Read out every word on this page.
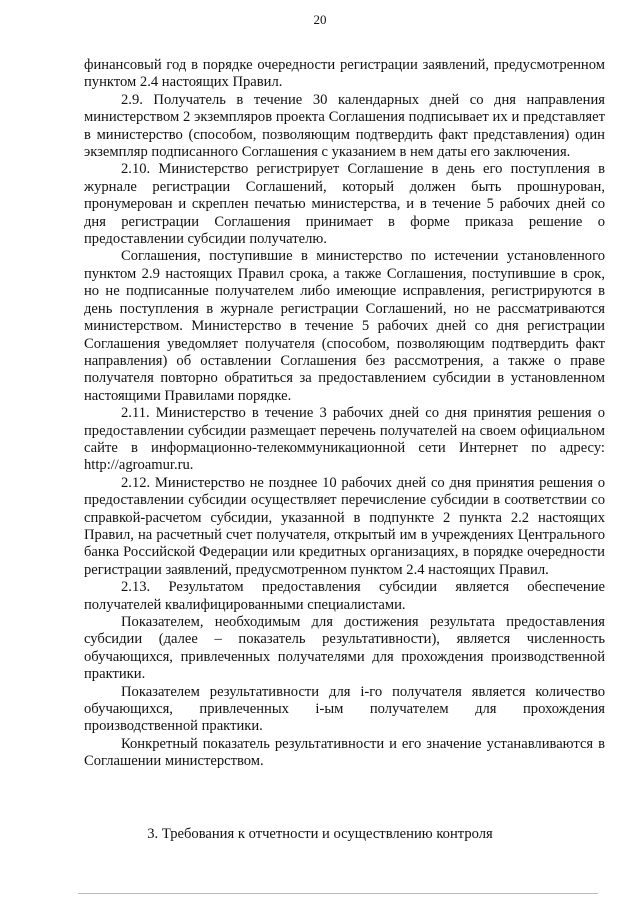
20

финансовый год в порядке очередности регистрации заявлений, предусмотренном пунктом 2.4 настоящих Правил.

2.9. Получатель в течение 30 календарных дней со дня направления министерством 2 экземпляров проекта Соглашения подписывает их и представляет в министерство (способом, позволяющим подтвердить факт представления) один экземпляр подписанного Соглашения с указанием в нем даты его заключения.

2.10. Министерство регистрирует Соглашение в день его поступления в журнале регистрации Соглашений, который должен быть прошнурован, пронумерован и скреплен печатью министерства, и в течение 5 рабочих дней со дня регистрации Соглашения принимает в форме приказа решение о предоставлении субсидии получателю.

Соглашения, поступившие в министерство по истечении установленного пунктом 2.9 настоящих Правил срока, а также Соглашения, поступившие в срок, но не подписанные получателем либо имеющие исправления, регистрируются в день поступления в журнале регистрации Соглашений, но не рассматриваются министерством. Министерство в течение 5 рабочих дней со дня регистрации Соглашения уведомляет получателя (способом, позволяющим подтвердить факт направления) об оставлении Соглашения без рассмотрения, а также о праве получателя повторно обратиться за предоставлением субсидии в установленном настоящими Правилами порядке.

2.11. Министерство в течение 3 рабочих дней со дня принятия решения о предоставлении субсидии размещает перечень получателей на своем официальном сайте в информационно-телекоммуникационной сети Интернет по адресу: http://agroamur.ru.

2.12. Министерство не позднее 10 рабочих дней со дня принятия решения о предоставлении субсидии осуществляет перечисление субсидии в соответствии со справкой-расчетом субсидии, указанной в подпункте 2 пункта 2.2 настоящих Правил, на расчетный счет получателя, открытый им в учреждениях Центрального банка Российской Федерации или кредитных организациях, в порядке очередности регистрации заявлений, предусмотренном пунктом 2.4 настоящих Правил.

2.13. Результатом предоставления субсидии является обеспечение получателей квалифицированными специалистами.

Показателем, необходимым для достижения результата предоставления субсидии (далее – показатель результативности), является численность обучающихся, привлеченных получателями для прохождения производственной практики.

Показателем результативности для i-го получателя является количество обучающихся, привлеченных i-ым получателем для прохождения производственной практики.

Конкретный показатель результативности и его значение устанавливаются в Соглашении министерством.

3. Требования к отчетности и осуществлению контроля
